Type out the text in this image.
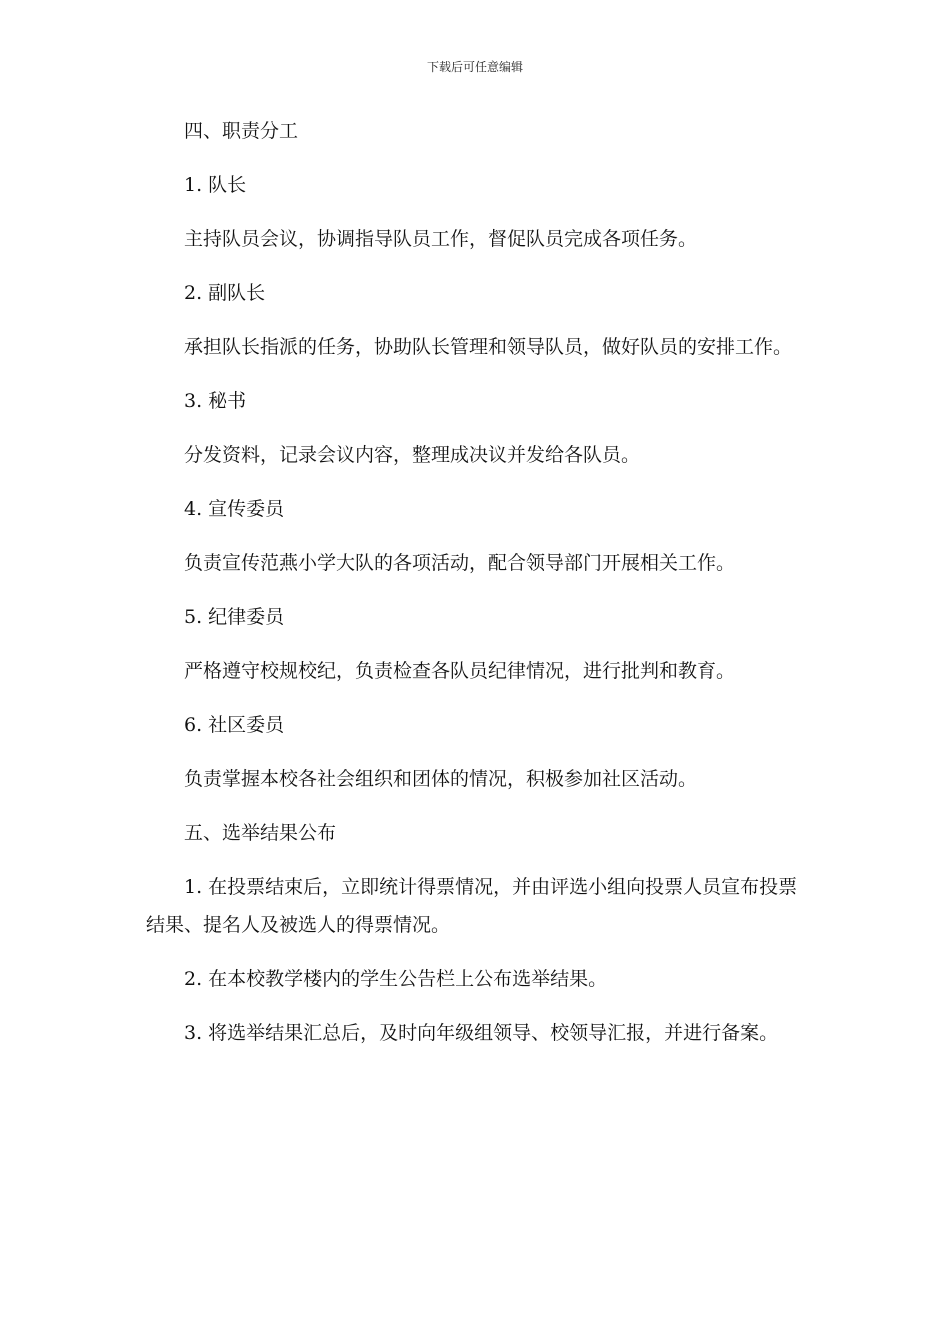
下载后可任意编辑

四、职责分工

1. 队长

主持队员会议，协调指导队员工作，督促队员完成各项任务。

2. 副队长

承担队长指派的任务，协助队长管理和领导队员，做好队员的安排工作。

3. 秘书

分发资料，记录会议内容，整理成决议并发给各队员。

4. 宣传委员

负责宣传范燕小学大队的各项活动，配合领导部门开展相关工作。

5. 纪律委员

严格遵守校规校纪，负责检查各队员纪律情况，进行批判和教育。

6. 社区委员

负责掌握本校各社会组织和团体的情况，积极参加社区活动。

五、选举结果公布

1. 在投票结束后，立即统计得票情况，并由评选小组向投票人员宣布投票结果、提名人及被选人的得票情况。

2. 在本校教学楼内的学生公告栏上公布选举结果。

3. 将选举结果汇总后，及时向年级组领导、校领导汇报，并进行备案。
